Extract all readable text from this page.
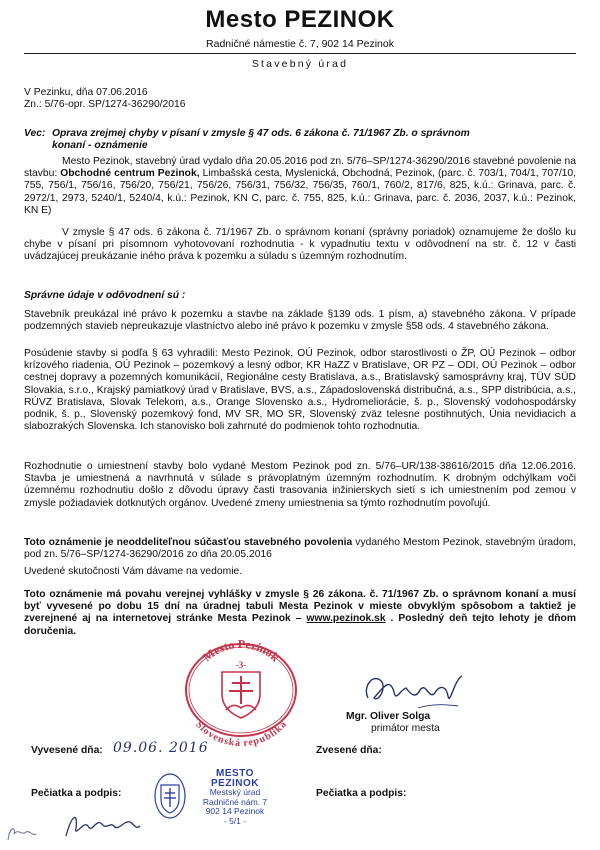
Mesto PEZINOK
Radničné námestie č. 7, 902 14 Pezinok
Stavebný úrad
V Pezinku, dňa 07.06.2016
Zn.: 5/76-opr. SP/1274-36290/2016
Vec: Oprava zrejmej chyby v písaní v zmysle § 47 ods. 6 zákona č. 71/1967 Zb. o správnom

konaní - oznámenie
Mesto Pezinok, stavebný úrad vydalo dňa 20.05.2016 pod zn. 5/76–SP/1274-36290/2016 stavebné povolenie na stavbu: Obchodné centrum Pezinok, Limbašská cesta, Myslenická, Obchodná, Pezinok, (parc. č. 703/1, 704/1, 707/10, 755, 756/1, 756/16, 756/20, 756/21, 756/26, 756/31, 756/32, 756/35, 760/1, 760/2, 817/6, 825, k.ú.: Grinava, parc. č. 2972/1, 2973, 5240/1, 5240/4, k.ú.: Pezinok, KN C, parc. č. 755, 825, k.ú.: Grinava, parc. č. 2036, 2037, k.ú.: Pezinok, KN E)
V zmysle § 47 ods. 6 zákona č. 71/1967 Zb. o správnom konaní (správny poriadok) oznamujeme že došlo ku chybe v písaní pri písomnom vyhotovovaní rozhodnutia - k vypadnutiu textu v odôvodnení na str. č. 12 v časti uvádzajúcej preukázanie iného práva k pozemku a súladu s územným rozhodnutím.
Správne údaje v odôvodnení sú :
Stavebník preukázal iné právo k pozemku a stavbe na základe §139 ods. 1 písm, a) stavebného zákona. V prípade podzemných stavieb nepreukazuje vlastníctvo alebo iné právo k pozemku v zmysle §58 ods. 4 stavebného zákona.
Posúdenie stavby si podľa § 63 vyhradili: Mesto Pezinok, OÚ Pezinok, odbor starostlivosti o ŽP, OÚ Pezinok – odbor krízového riadenia, OÚ Pezinok – pozemkový a lesný odbor, KR HaZZ v Bratislave, OR PZ – ODI, OÚ Pezinok – odbor cestnej dopravy a pozemných komunikácií, Regionálne cesty Bratislava, a.s., Bratislavský samosprávny kraj, TÜV SÜD Slovakia, s.r.o., Krajský pamiatkový úrad v Bratislave, BVS, a.s., Západoslovenská distribučná, a.s., SPP distribúcia, a.s., RÚVZ Bratislava, Slovak Telekom, a.s., Orange Slovensko a.s., Hydromeliorácie, š. p., Slovenský vodohospodársky podnik, š. p., Slovenský pozemkový fond, MV SR, MO SR, Slovenský zväz telesne postihnutých, Únia nevidiacich a slabozrakých Slovenska. Ich stanovisko boli zahrnuté do podmienok tohto rozhodnutia.
Rozhodnutie o umiestnení stavby bolo vydané Mestom Pezinok pod zn. 5/76–UR/138-38616/2015 dňa 12.06.2016. Stavba je umiestnená a navrhnutá v súlade s právoplatným územným rozhodnutím. K drobným odchýlkam voči územnému rozhodnutiu došlo z dôvodu úpravy časti trasovania inžinierskych sietí s ich umiestnením pod zemou v zmysle požiadaviek dotknutých orgánov. Uvedené zmeny umiestnenia sa týmto rozhodnutím povoľujú.
Toto oznámenie je neoddeliteľnou súčasťou stavebného povolenia vydaného Mestom Pezinok, stavebným úradom, pod zn. 5/76–SP/1274-36290/2016 zo dňa 20.05.2016
Uvedené skutočnosti Vám dávame na vedomie.
Toto oznámenie má povahu verejnej vyhlášky v zmysle § 26 zákona. č. 71/1967 Zb. o správnom konaní a musí byť vyvesené po dobu 15 dní na úradnej tabuli Mesta Pezinok v mieste obvyklým spôsobom a taktiež je zverejnené aj na internetovej stránke Mesta Pezinok – www.pezinok.sk . Posledný deň tejto lehoty je dňom doručenia.
Mesto Pezinok
-3-
Slovenská republika
Mgr. Oliver Solga
primátor mesta
Vyvesené dňa: 09.06. 2016	Zvesené dňa:
Pečiatka a podpis:	Pečiatka a podpis:
MESTO PEZINOK
Mestský úrad
Radničné nám. 7
902 14 Pezinok
- 5/1 -
